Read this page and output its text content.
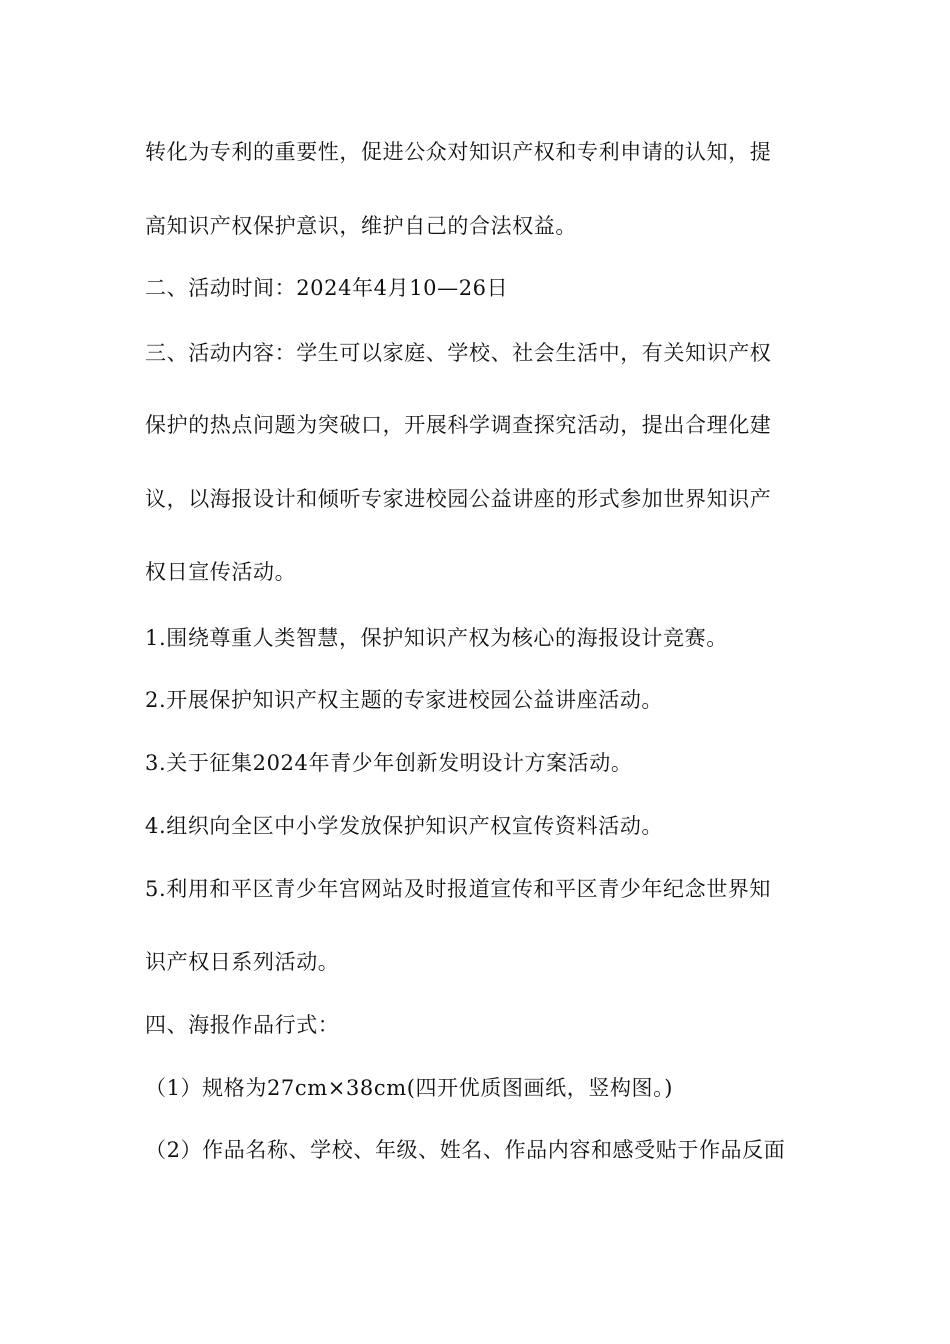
转化为专利的重要性，促进公众对知识产权和专利申请的认知，提
高知识产权保护意识，维护自己的合法权益。
二、活动时间：2024年4月10—26日
三、活动内容：学生可以家庭、学校、社会生活中，有关知识产权
保护的热点问题为突破口，开展科学调查探究活动，提出合理化建
议，以海报设计和倾听专家进校园公益讲座的形式参加世界知识产
权日宣传活动。
1.围绕尊重人类智慧，保护知识产权为核心的海报设计竞赛。
2.开展保护知识产权主题的专家进校园公益讲座活动。
3.关于征集2024年青少年创新发明设计方案活动。
4.组织向全区中小学发放保护知识产权宣传资料活动。
5.利用和平区青少年宫网站及时报道宣传和平区青少年纪念世界知
识产权日系列活动。
四、海报作品行式：
（1）规格为27cm×38cm(四开优质图画纸，竖构图。)
（2）作品名称、学校、年级、姓名、作品内容和感受贴于作品反面
